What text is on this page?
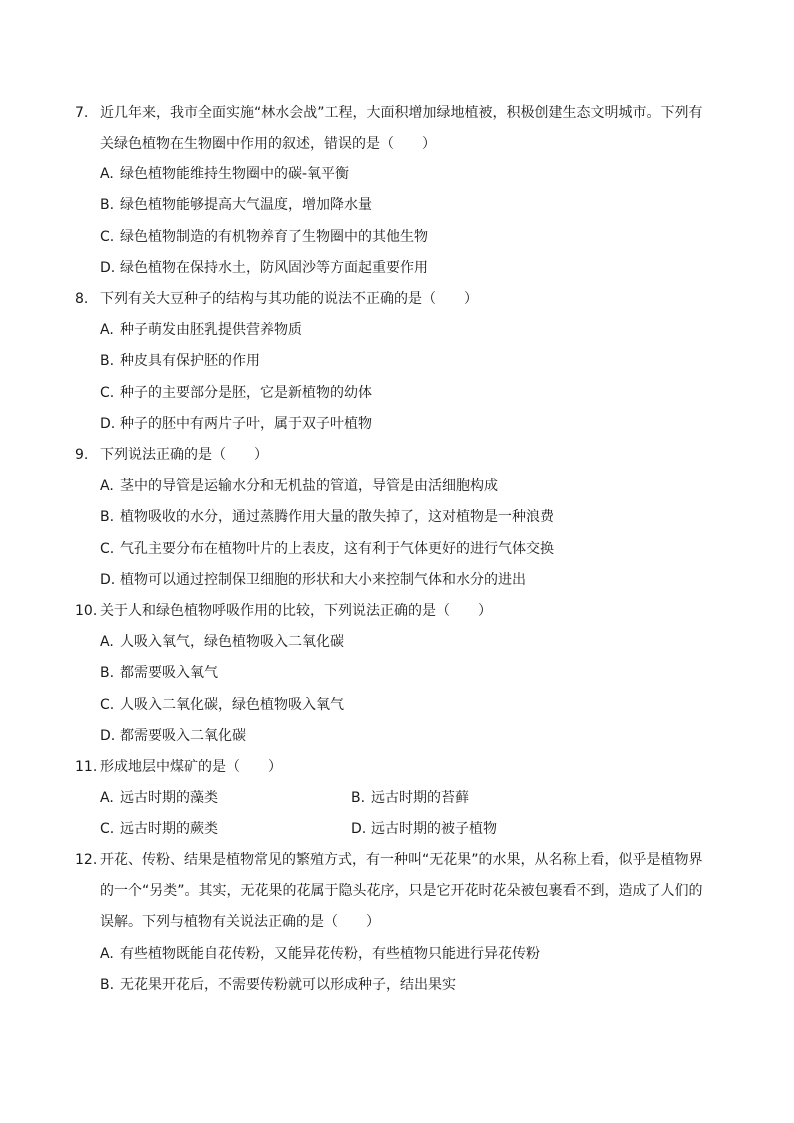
7. 近几年来，我市全面实施“林水会战”工程，大面积增加绿地植被，积极创建生态文明城市。下列有

关绿色植物在生物圈中作用的叙述，错误的是（　　）

A. 绿色植物能维持生物圈中的碳-氧平衡
B. 绿色植物能够提高大气温度，增加降水量
C. 绿色植物制造的有机物养育了生物圈中的其他生物
D. 绿色植物在保持水土，防风固沙等方面起重要作用
8. 下列有关大豆种子的结构与其功能的说法不正确的是（　　）

A. 种子萌发由胚乳提供营养物质
B. 种皮具有保护胚的作用
C. 种子的主要部分是胚，它是新植物的幼体
D. 种子的胚中有两片子叶，属于双子叶植物
9. 下列说法正确的是（　　）

A. 茎中的导管是运输水分和无机盐的管道，导管是由活细胞构成
B. 植物吸收的水分，通过蒸腾作用大量的散失掉了，这对植物是一种浪费
C. 气孔主要分布在植物叶片的上表皮，这有利于气体更好的进行气体交换
D. 植物可以通过控制保卫细胞的形状和大小来控制气体和水分的进出
10. 关于人和绿色植物呼吸作用的比较，下列说法正确的是（　　）

A. 人吸入氧气，绿色植物吸入二氧化碳
B. 都需要吸入氧气
C. 人吸入二氧化碳，绿色植物吸入氧气
D. 都需要吸入二氧化碳
11. 形成地层中煤矿的是（　　）

A. 远古时期的藻类	B. 远古时期的苔藓
C. 远古时期的蕨类	D. 远古时期的被子植物
12. 开花、传粉、结果是植物常见的繁殖方式，有一种叫“无花果”的水果，从名称上看，似乎是植物界

的一个“另类”。其实，无花果的花属于隐头花序，只是它开花时花朵被包裹看不到，造成了人们的

误解。下列与植物有关说法正确的是（　　）

A. 有些植物既能自花传粉，又能异花传粉，有些植物只能进行异花传粉
B. 无花果开花后，不需要传粉就可以形成种子，结出果实
